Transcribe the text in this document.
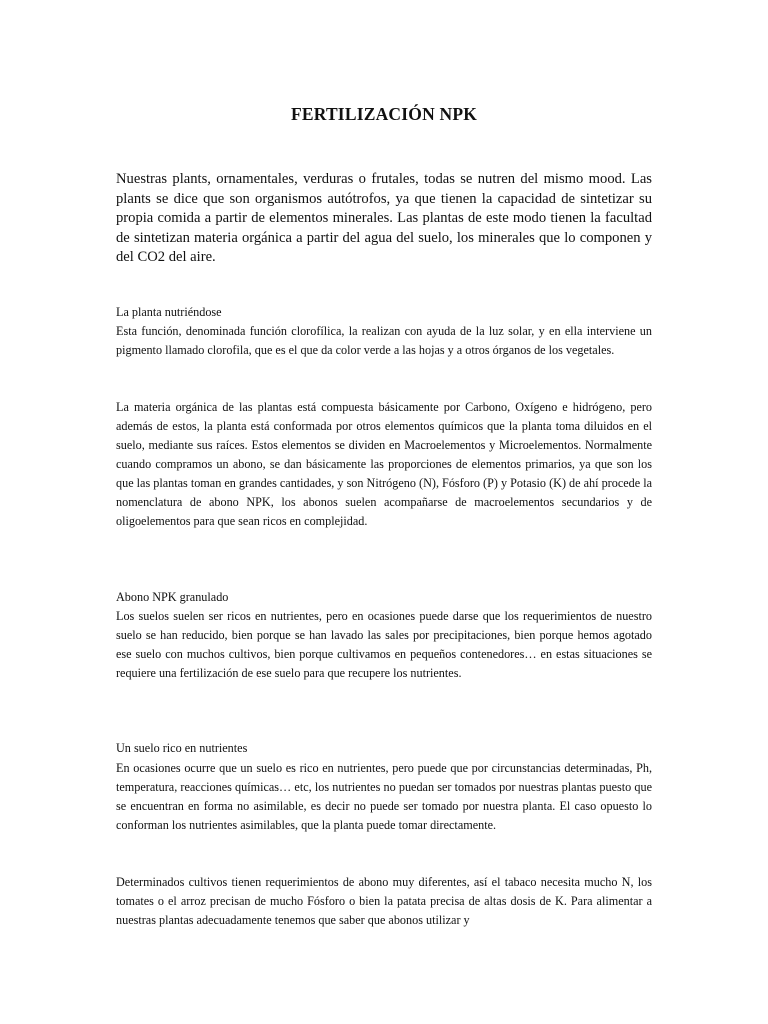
FERTILIZACIÓN NPK

Nuestras plants, ornamentales, verduras o frutales, todas se nutren del mismo mood. Las plants se dice que son organismos autótrofos, ya que tienen la capacidad de sintetizar su propia comida a partir de elementos minerales. Las plantas de este modo tienen la facultad de sintetizan materia orgánica a partir del agua del suelo, los minerales que lo componen y del CO2 del aire.

La planta nutriéndose

Esta función, denominada función clorofílica, la realizan con ayuda de la luz solar, y en ella interviene un pigmento llamado clorofila, que es el que da color verde a las hojas y a otros órganos de los vegetales.

La materia orgánica de las plantas está compuesta básicamente por Carbono, Oxígeno e hidrógeno, pero además de estos, la planta está conformada por otros elementos químicos que la planta toma diluidos en el suelo, mediante sus raíces. Estos elementos se dividen en Macroelementos y Microelementos. Normalmente cuando compramos un abono, se dan básicamente las proporciones de elementos primarios, ya que son los que las plantas toman en grandes cantidades, y son Nitrógeno (N), Fósforo (P) y Potasio (K) de ahí procede la nomenclatura de abono NPK, los abonos suelen acompañarse de macroelementos secundarios y de oligoelementos para que sean ricos en complejidad.

Abono NPK granulado

Los suelos suelen ser ricos en nutrientes, pero en ocasiones puede darse que los requerimientos de nuestro suelo se han reducido, bien porque se han lavado las sales por precipitaciones, bien porque hemos agotado ese suelo con muchos cultivos, bien porque cultivamos en pequeños contenedores… en estas situaciones se requiere una fertilización de ese suelo para que recupere los nutrientes.

Un suelo rico en nutrientes

En ocasiones ocurre que un suelo es rico en nutrientes, pero puede que por circunstancias determinadas, Ph, temperatura, reacciones químicas… etc, los nutrientes no puedan ser tomados por nuestras plantas puesto que se encuentran en forma no asimilable, es decir no puede ser tomado por nuestra planta. El caso opuesto lo conforman los nutrientes asimilables, que la planta puede tomar directamente.

Determinados cultivos tienen requerimientos de abono muy diferentes, así el tabaco necesita mucho N, los tomates o el arroz precisan de mucho Fósforo o bien la patata precisa de altas dosis de K. Para alimentar a nuestras plantas adecuadamente tenemos que saber que abonos utilizar y
